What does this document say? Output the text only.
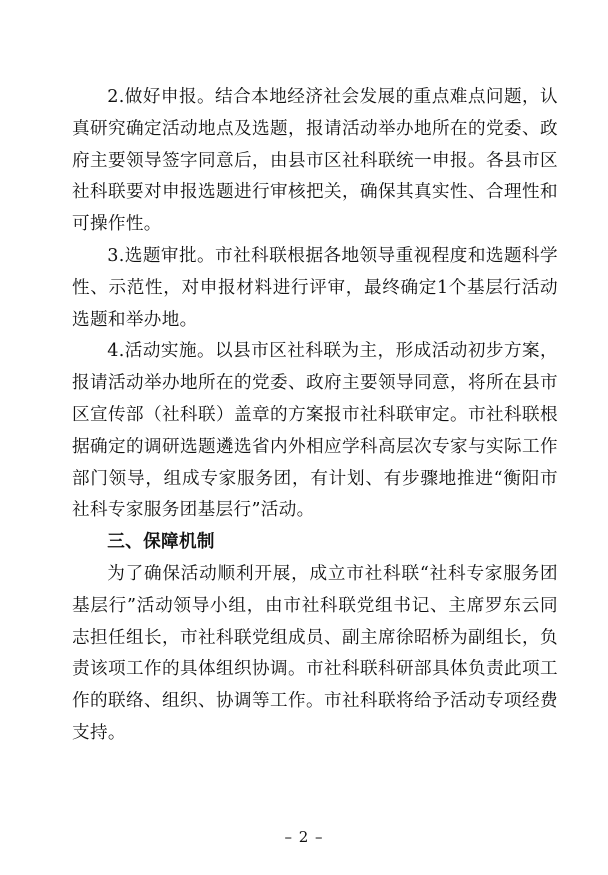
2.做好申报。结合本地经济社会发展的重点难点问题，认真研究确定活动地点及选题，报请活动举办地所在的党委、政府主要领导签字同意后，由县市区社科联统一申报。各县市区社科联要对申报选题进行审核把关，确保其真实性、合理性和可操作性。

3.选题审批。市社科联根据各地领导重视程度和选题科学性、示范性，对申报材料进行评审，最终确定1个基层行活动选题和举办地。

4.活动实施。以县市区社科联为主，形成活动初步方案，报请活动举办地所在的党委、政府主要领导同意，将所在县市区宣传部（社科联）盖章的方案报市社科联审定。市社科联根据确定的调研选题遴选省内外相应学科高层次专家与实际工作部门领导，组成专家服务团，有计划、有步骤地推进“衡阳市社科专家服务团基层行”活动。

三、保障机制

为了确保活动顺利开展，成立市社科联“社科专家服务团基层行”活动领导小组，由市社科联党组书记、主席罗东云同志担任组长，市社科联党组成员、副主席徐昭桥为副组长，负责该项工作的具体组织协调。市社科联科研部具体负责此项工作的联络、组织、协调等工作。市社科联将给予活动专项经费支持。

– 2 –
